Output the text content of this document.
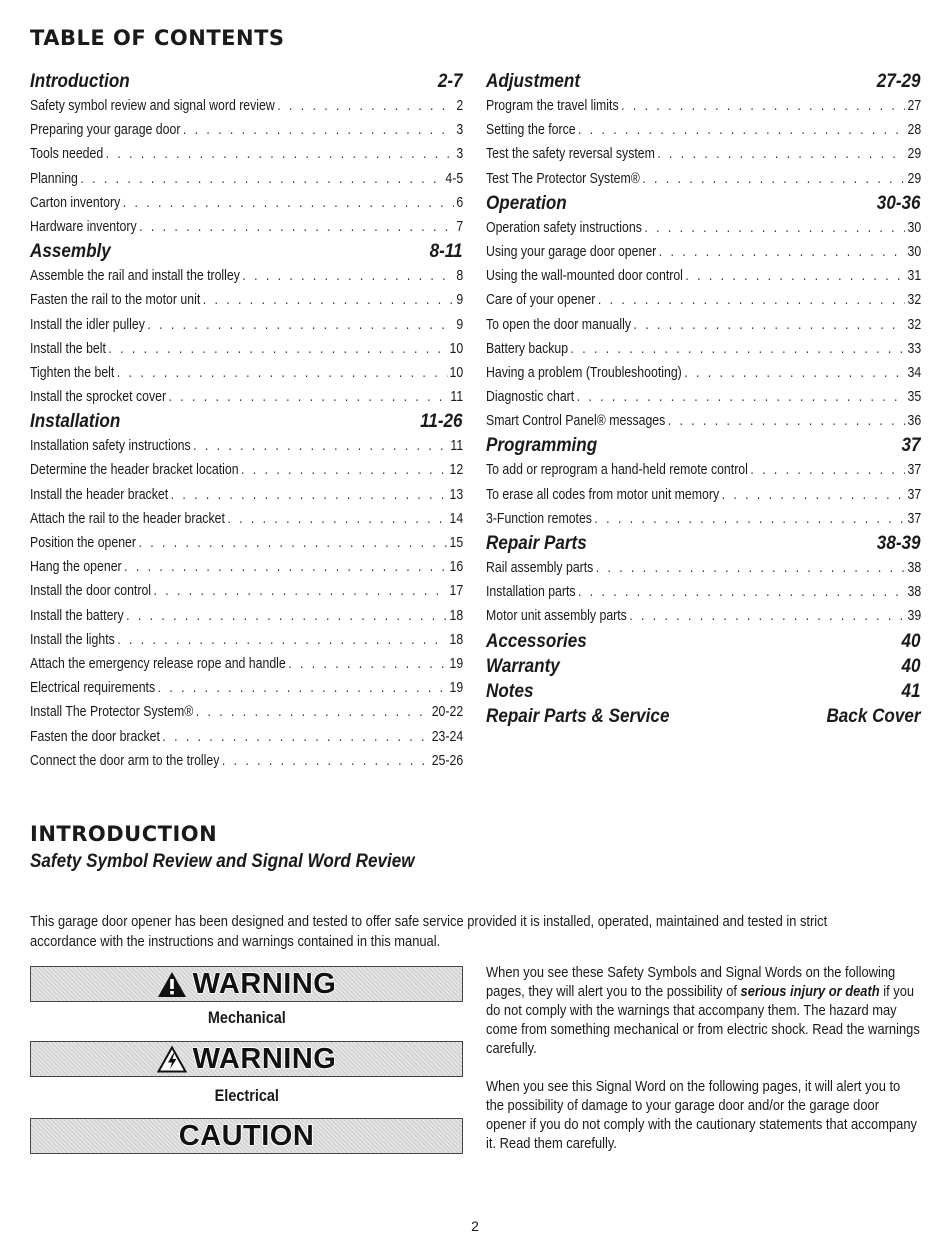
TABLE OF CONTENTS
Introduction	2-7
Safety symbol review and signal word review . . .	2
Preparing your garage door . . .	3
Tools needed . . .	3
Planning . . .	4-5
Carton inventory . . .	6
Hardware inventory . . .	7
Assembly	8-11
Assemble the rail and install the trolley . . .	8
Fasten the rail to the motor unit . . .	9
Install the idler pulley . . .	9
Install the belt . . .	10
Tighten the belt . . .	10
Install the sprocket cover . . .	11
Installation	11-26
Installation safety instructions . . .	11
Determine the header bracket location . . .	12
Install the header bracket . . .	13
Attach the rail to the header bracket . . .	14
Position the opener . . .	15
Hang the opener . . .	16
Install the door control . . .	17
Install the battery . . .	18
Install the lights . . .	18
Attach the emergency release rope and handle . . .	19
Electrical requirements . . .	19
Install The Protector System® . . .	20-22
Fasten the door bracket . . .	23-24
Connect the door arm to the trolley . . .	25-26
Adjustment	27-29
Program the travel limits . . .	27
Setting the force . . .	28
Test the safety reversal system . . .	29
Test The Protector System® . . .	29
Operation	30-36
Operation safety instructions . . .	30
Using your garage door opener . . .	30
Using the wall-mounted door control . . .	31
Care of your opener . . .	32
To open the door manually . . .	32
Battery backup . . .	33
Having a problem (Troubleshooting) . . .	34
Diagnostic chart . . .	35
Smart Control Panel® messages . . .	36
Programming	37
To add or reprogram a hand-held remote control . . .	37
To erase all codes from motor unit memory . . .	37
3-Function remotes . . .	37
Repair Parts	38-39
Rail assembly parts . . .	38
Installation parts . . .	38
Motor unit assembly parts . . .	39
Accessories	40
Warranty	40
Notes	41
Repair Parts & Service	Back Cover
INTRODUCTION
Safety Symbol Review and Signal Word Review
This garage door opener has been designed and tested to offer safe service provided it is installed, operated, maintained and tested in strict accordance with the instructions and warnings contained in this manual.
WARNING
Mechanical
WARNING
Electrical
CAUTION
When you see these Safety Symbols and Signal Words on the following pages, they will alert you to the possibility of serious injury or death if you do not comply with the warnings that accompany them. The hazard may come from something mechanical or from electric shock. Read the warnings carefully.
When you see this Signal Word on the following pages, it will alert you to the possibility of damage to your garage door and/or the garage door opener if you do not comply with the cautionary statements that accompany it. Read them carefully.
2
